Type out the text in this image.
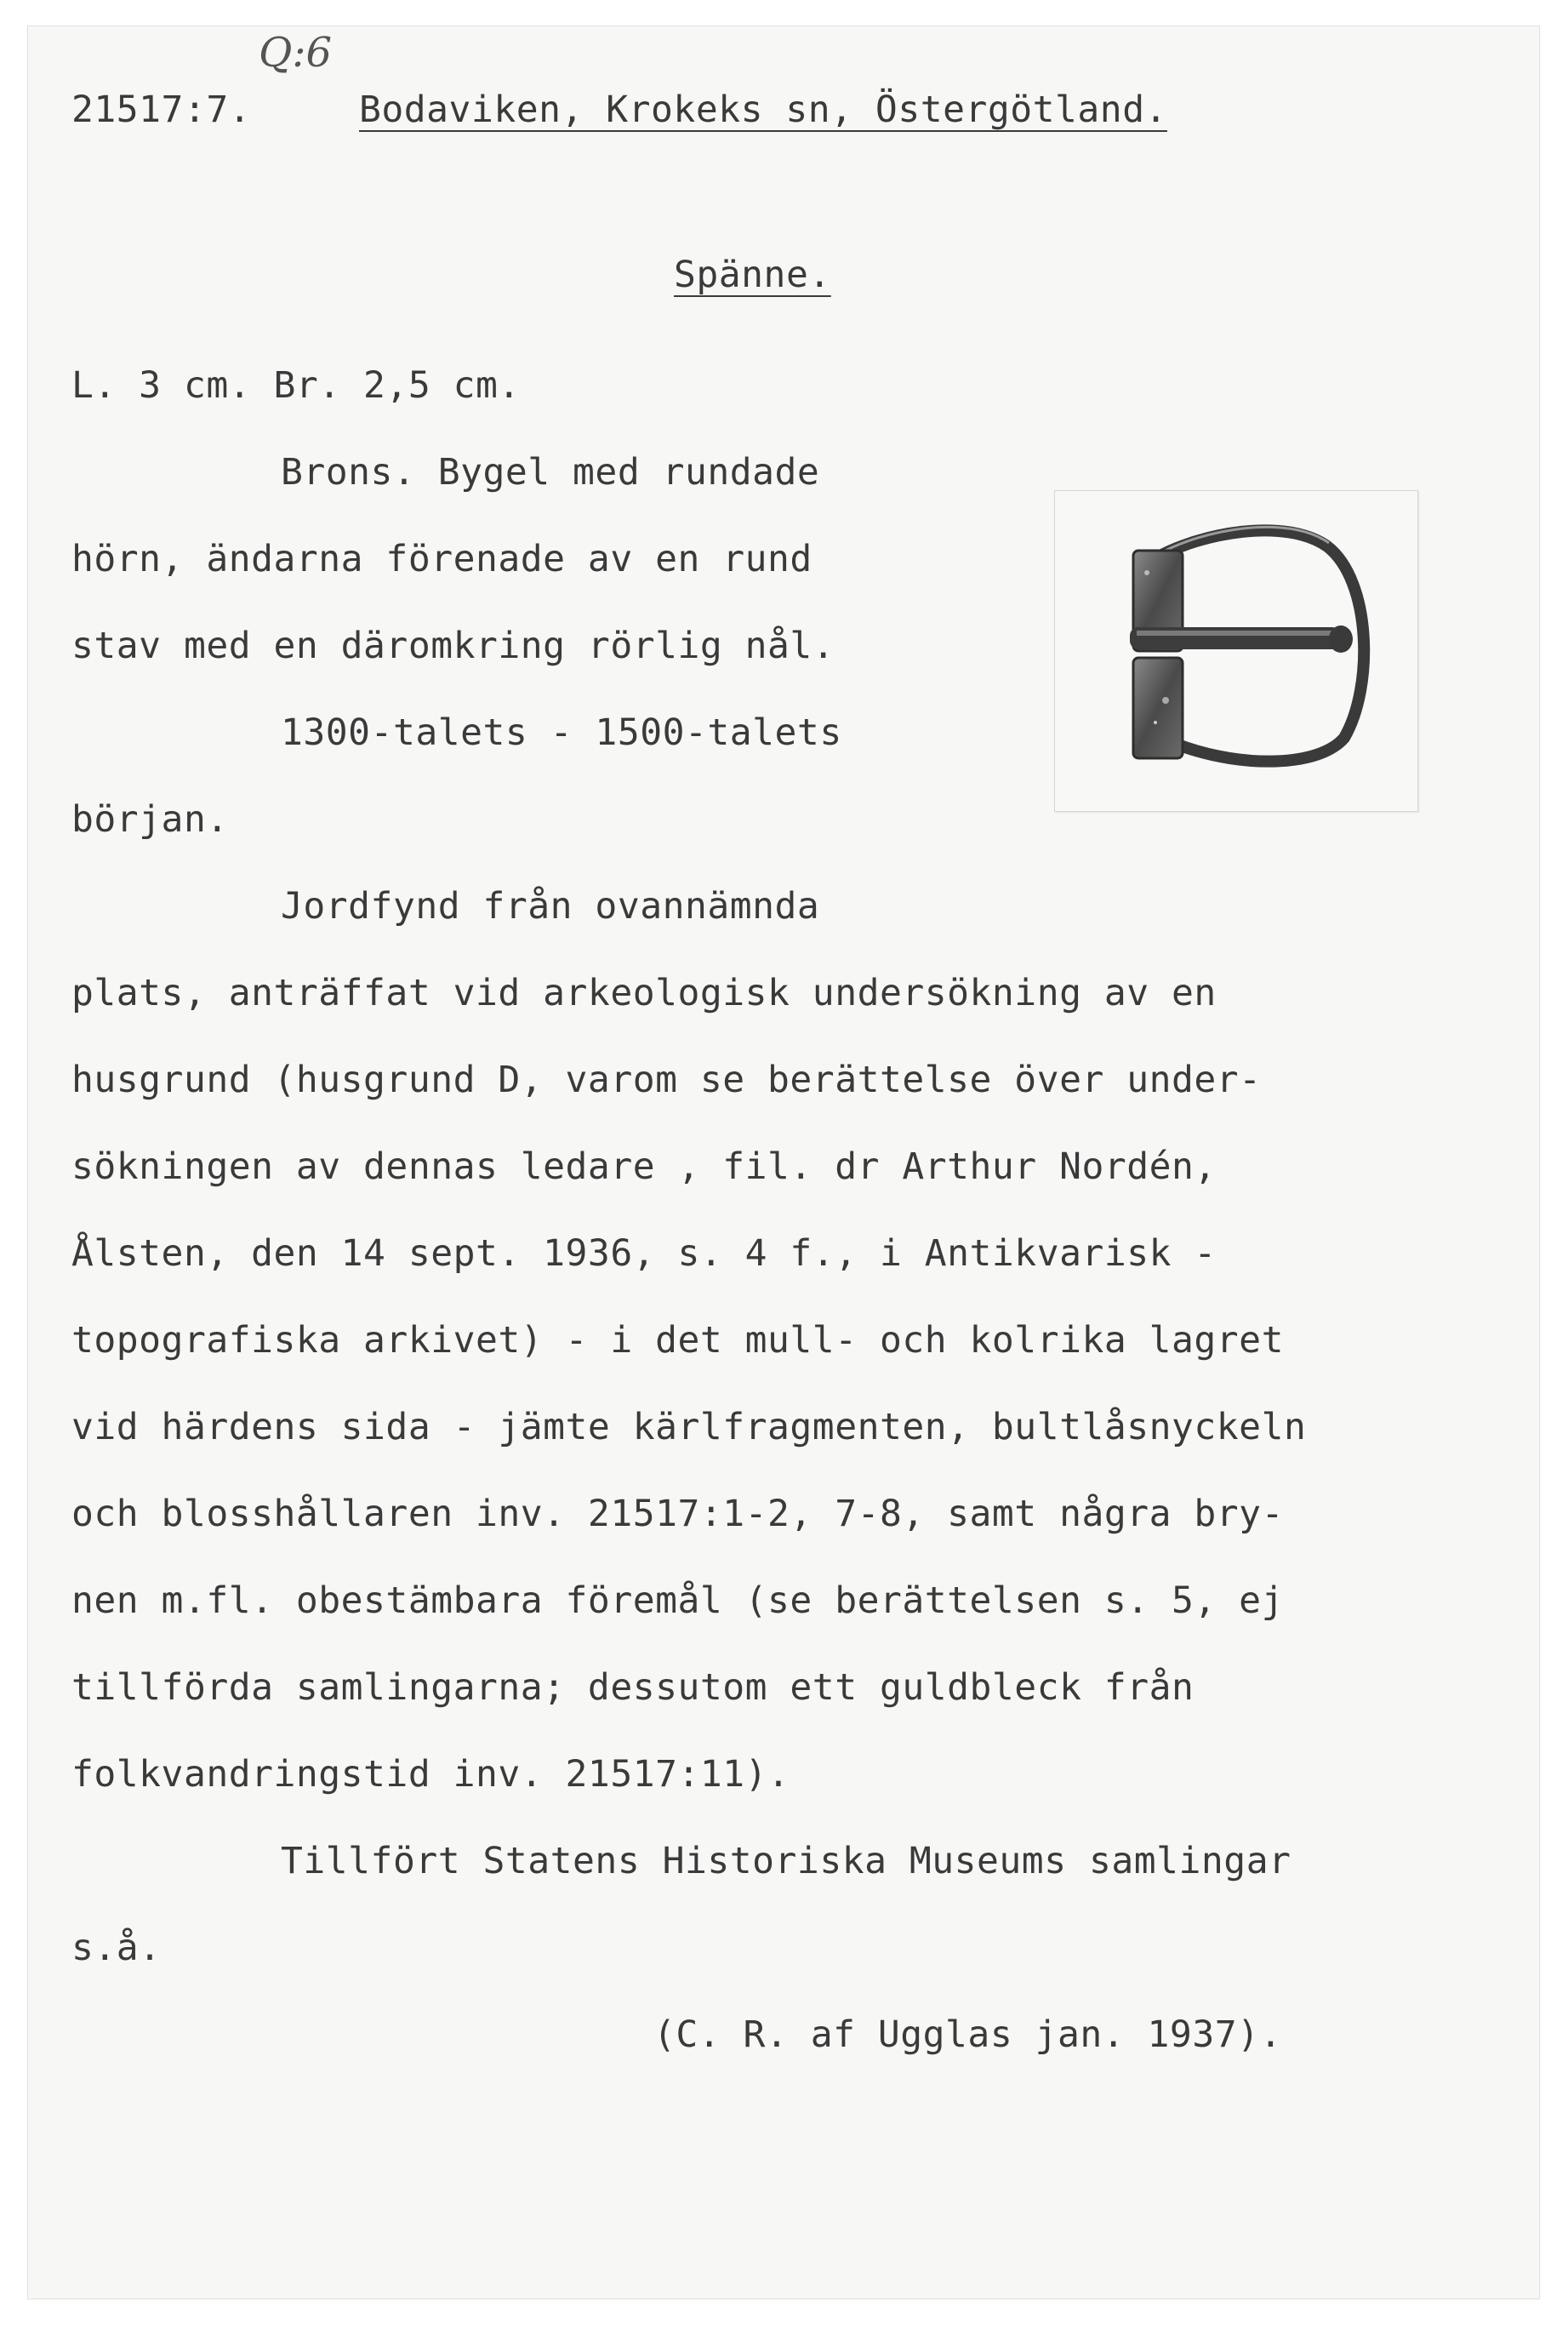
Q:6
21517:7.	Bodaviken, Krokeks sn, Östergötland.
Spänne.
L. 3 cm. Br. 2,5 cm.
Brons. Bygel med rundade
hörn, ändarna förenade av en rund
stav med en däromkring rörlig nål.
1300-talets - 1500-talets
början.
Jordfynd från ovannämnda
plats, anträffat vid arkeologisk undersökning av en
husgrund (husgrund D, varom se berättelse över under-
sökningen av dennas ledare , fil. dr Arthur Nordén,
Ålsten, den 14 sept. 1936, s. 4 f., i Antikvarisk -
topografiska arkivet) - i det mull- och kolrika lagret
vid härdens sida - jämte kärlfragmenten, bultlåsnyckeln
och blosshållaren inv. 21517:1-2, 7-8, samt några bry-
nen m.fl. obestämbara föremål (se berättelsen s. 5, ej
tillförda samlingarna; dessutom ett guldbleck från
folkvandringstid inv. 21517:11).
Tillfört Statens Historiska Museums samlingar
s.å.
(C. R. af Ugglas jan. 1937).
